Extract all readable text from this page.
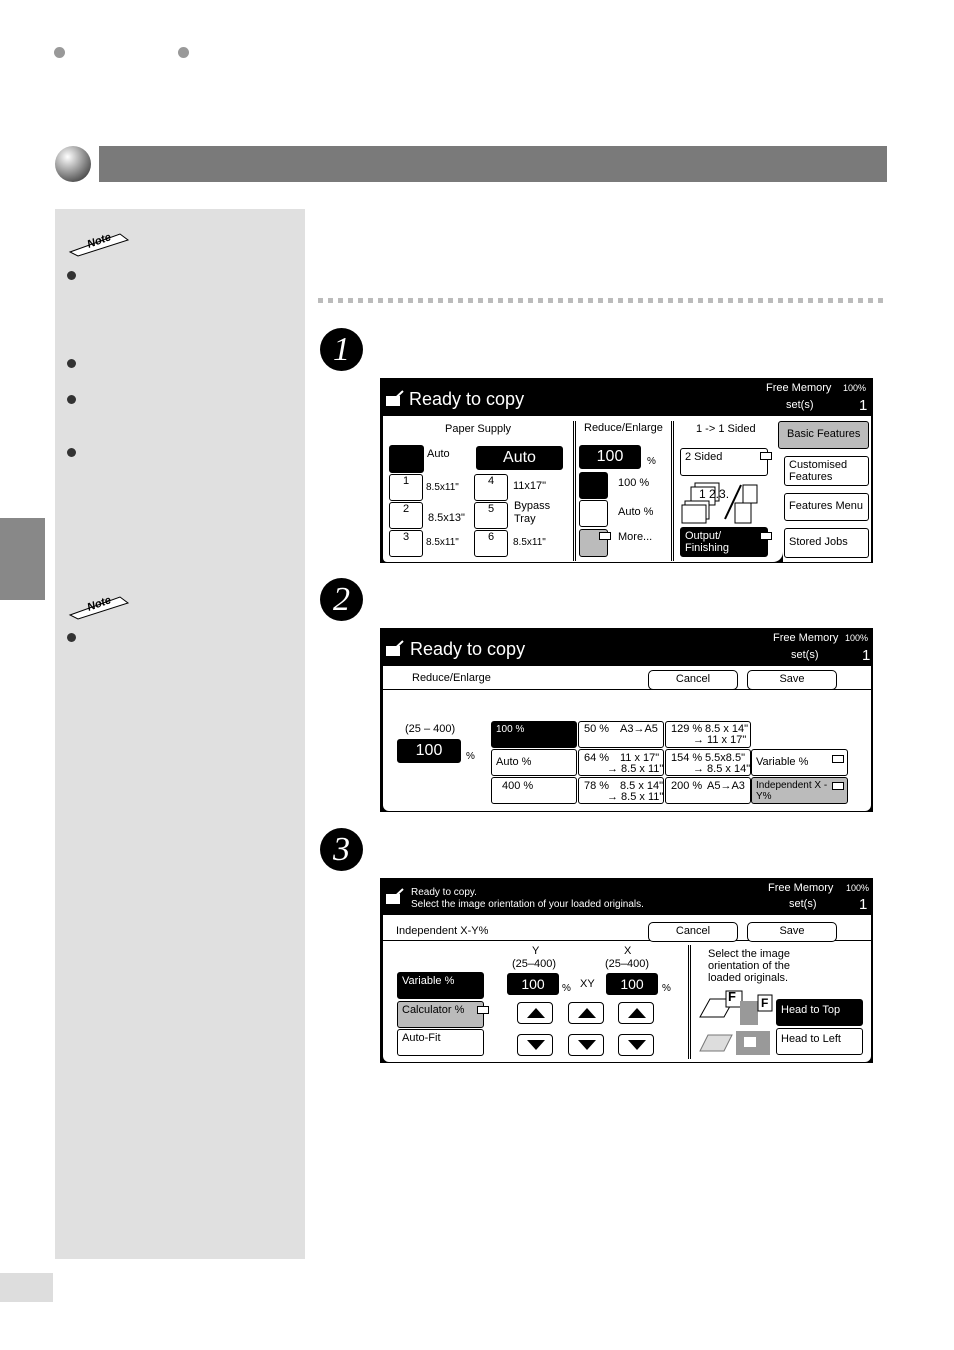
Note
Note
1
2
3
Ready to copy
Free Memory 100%
set(s)	1
Paper Supply
Auto	Auto
1
8.5x11"
2
8.5x13"
3	8.5x11"
4	11x17"
5	Bypass Tray
6	8.5x11"
Reduce/Enlarge
100	%
100 %
Auto %
More...
1 -> 1 Sided
2 Sided
1 2.3.
Output/ Finishing
Basic Features
Customised Features
Features Menu
Stored Jobs
Ready to copy
Free Memory 100%
set(s)	1
Reduce/Enlarge	Cancel	Save
(25 – 400)
100	%
100 %
Auto %
400 %
50 % A3→A5
64 % 11 x 17"
→ 8.5 x 11"
78 % 8.5 x 14"
→ 8.5 x 11"
129 % 8.5 x 14"
→ 11 x 17"
154 % 5.5x8.5"
→ 8.5 x 14"
200 % A5→A3
Variable %
Independent X - Y%
Ready to copy.
Select the image orientation of your loaded originals.
Free Memory 100%
set(s)	1
Independent X-Y%	Cancel	Save
Variable %
Calculator %
Auto-Fit
Y
(25–400)
X
(25–400)
100	% XY	100	%
Select the image orientation of the loaded originals.
F F	Head to Top
Head to Left
